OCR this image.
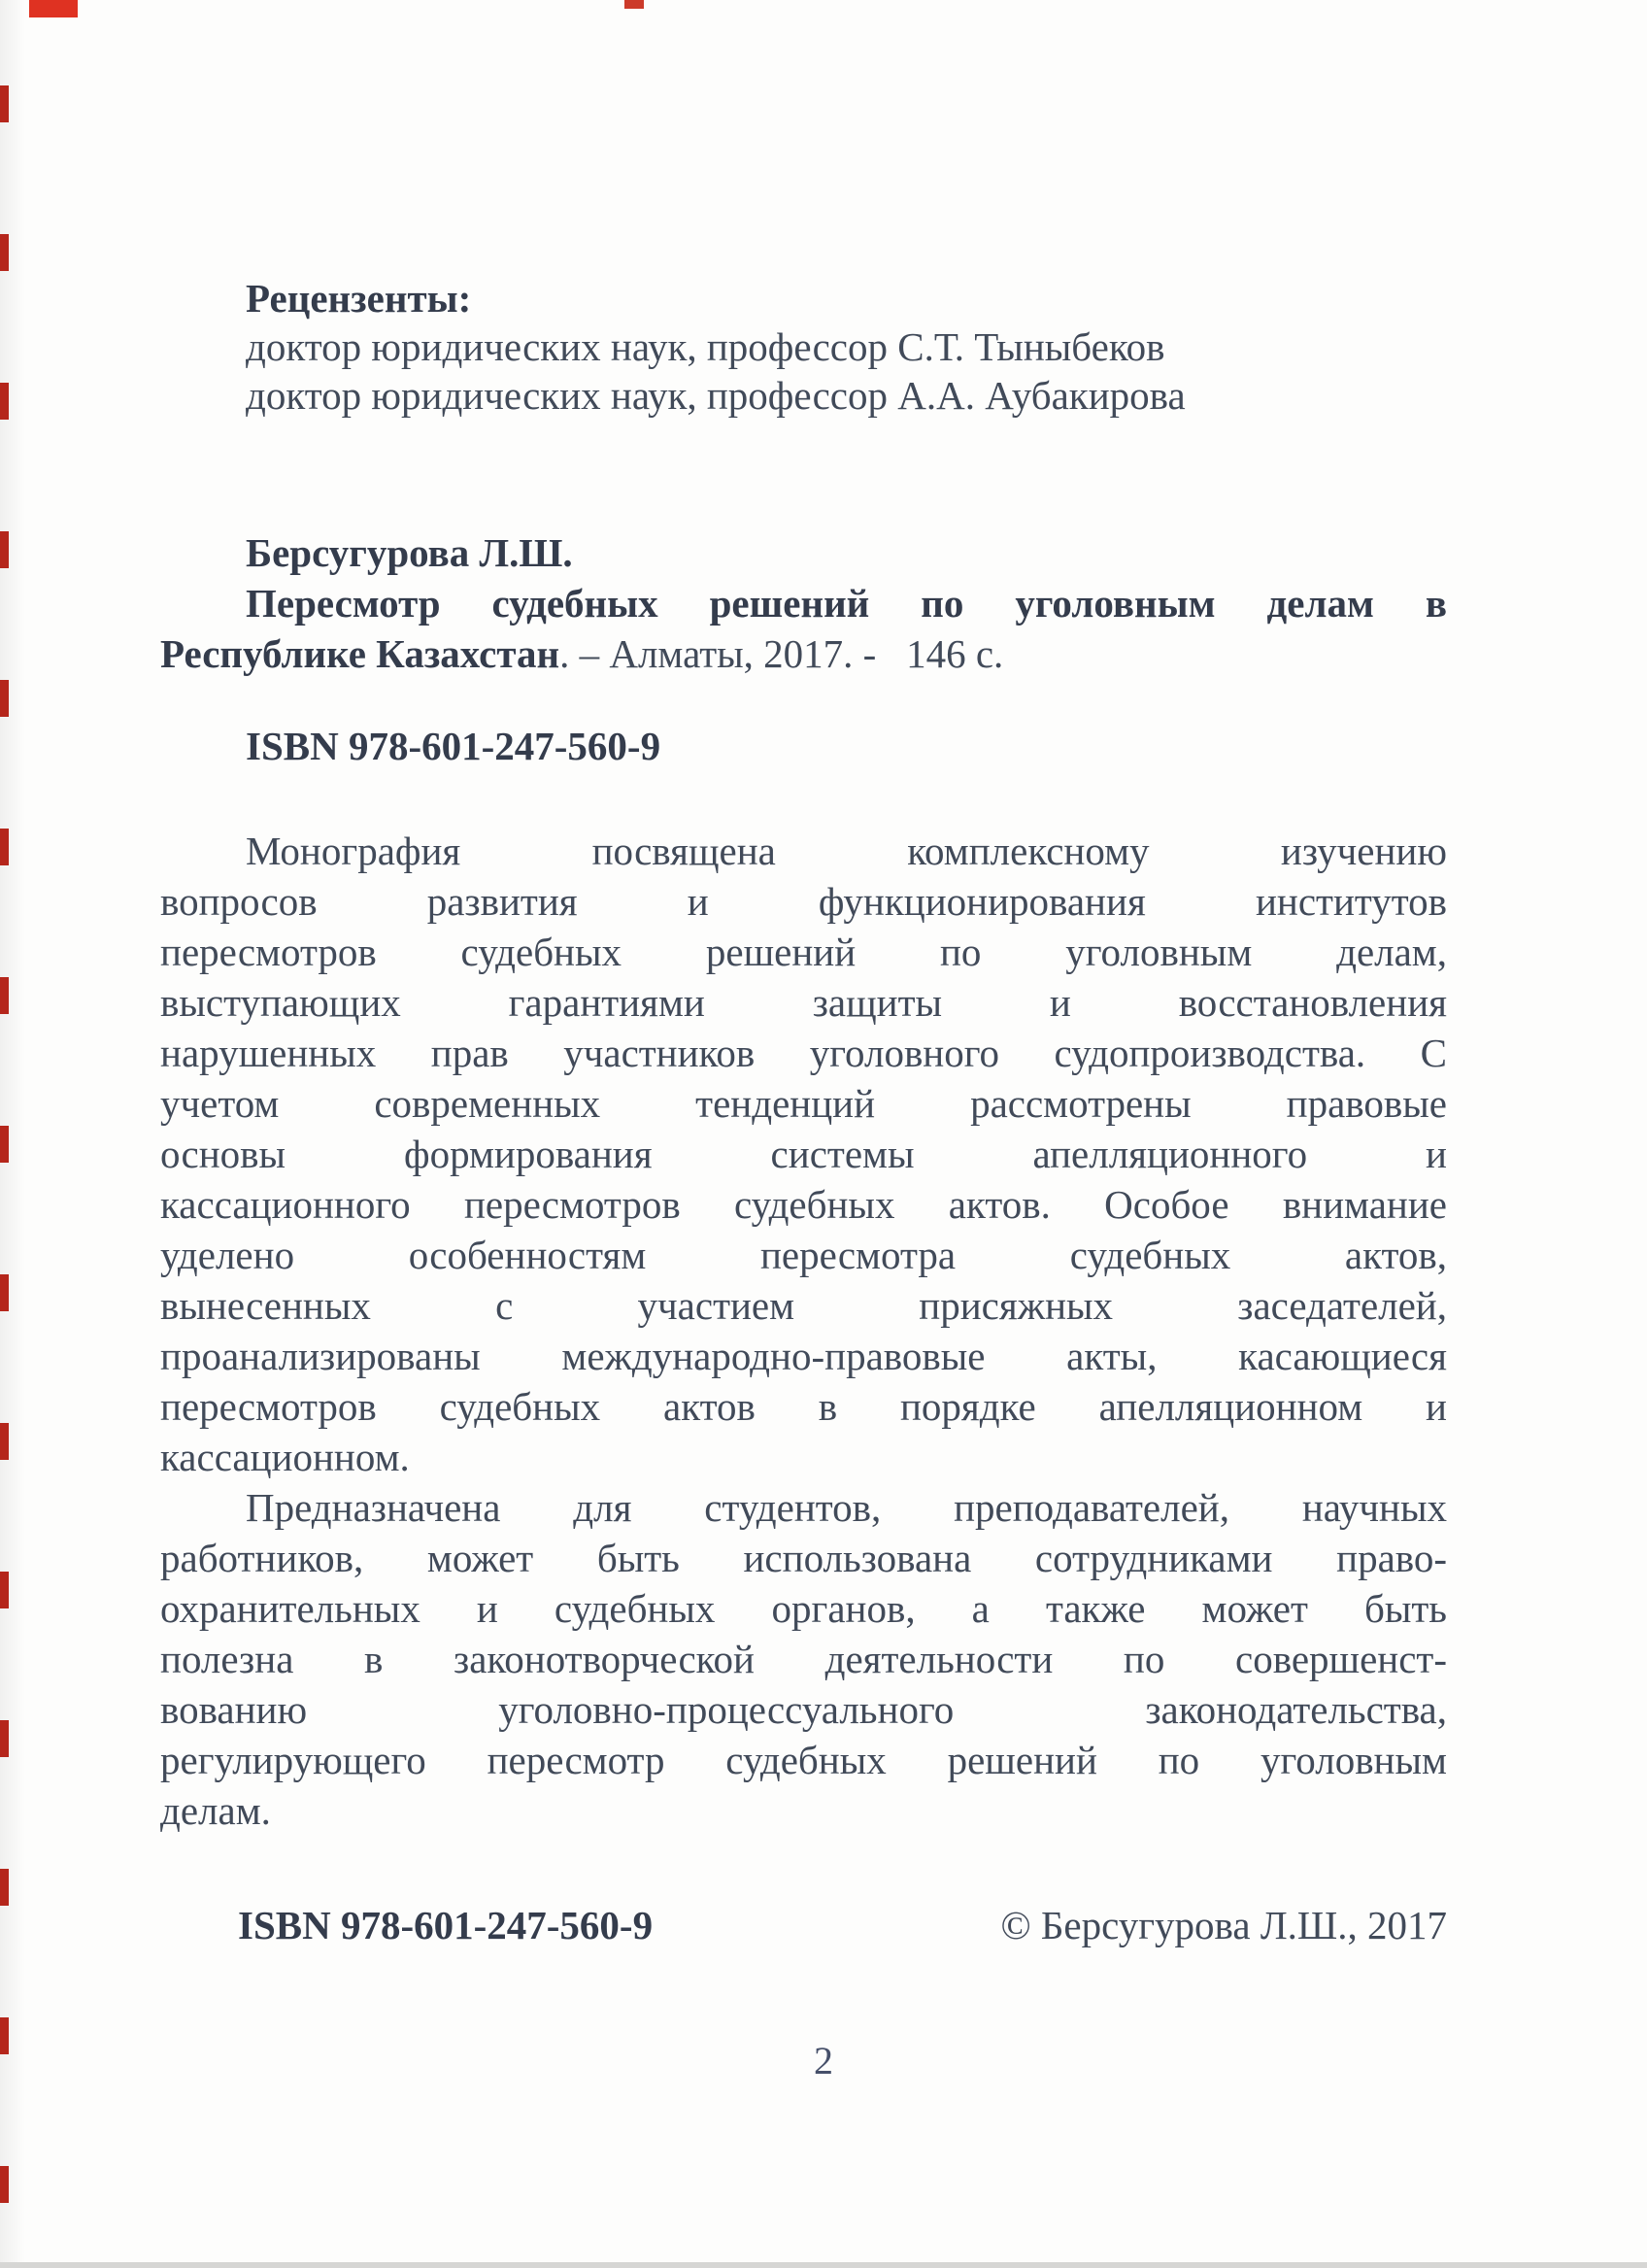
Рецензенты:
доктор юридических наук, профессор С.Т. Тыныбеков
доктор юридических наук, профессор А.А. Аубакирова
Берсугурова Л.Ш.
Пересмотр судебных решений по уголовным делам в
Республике Казахстан. – Алматы, 2017. -   146 с.
ISBN 978-601-247-560-9
Монография посвящена комплексному изучению
вопросов развития и функционирования институтов
пересмотров судебных решений по уголовным делам,
выступающих гарантиями защиты и восстановления
нарушенных прав участников уголовного судопроизводства. С
учетом современных тенденций рассмотрены правовые
основы формирования системы апелляционного и
кассационного пересмотров судебных актов. Особое внимание
уделено особенностям пересмотра судебных актов,
вынесенных с участием присяжных заседателей,
проанализированы международно-правовые акты, касающиеся
пересмотров судебных актов в порядке апелляционном и
кассационном.
Предназначена для студентов, преподавателей, научных
работников, может быть использована сотрудниками право-
охранительных и судебных органов, а также может быть
полезна в законотворческой деятельности по совершенст-
вованию уголовно-процессуального законодательства,
регулирующего пересмотр судебных решений по уголовным
делам.
ISBN 978-601-247-560-9	© Берсугурова Л.Ш., 2017
2
